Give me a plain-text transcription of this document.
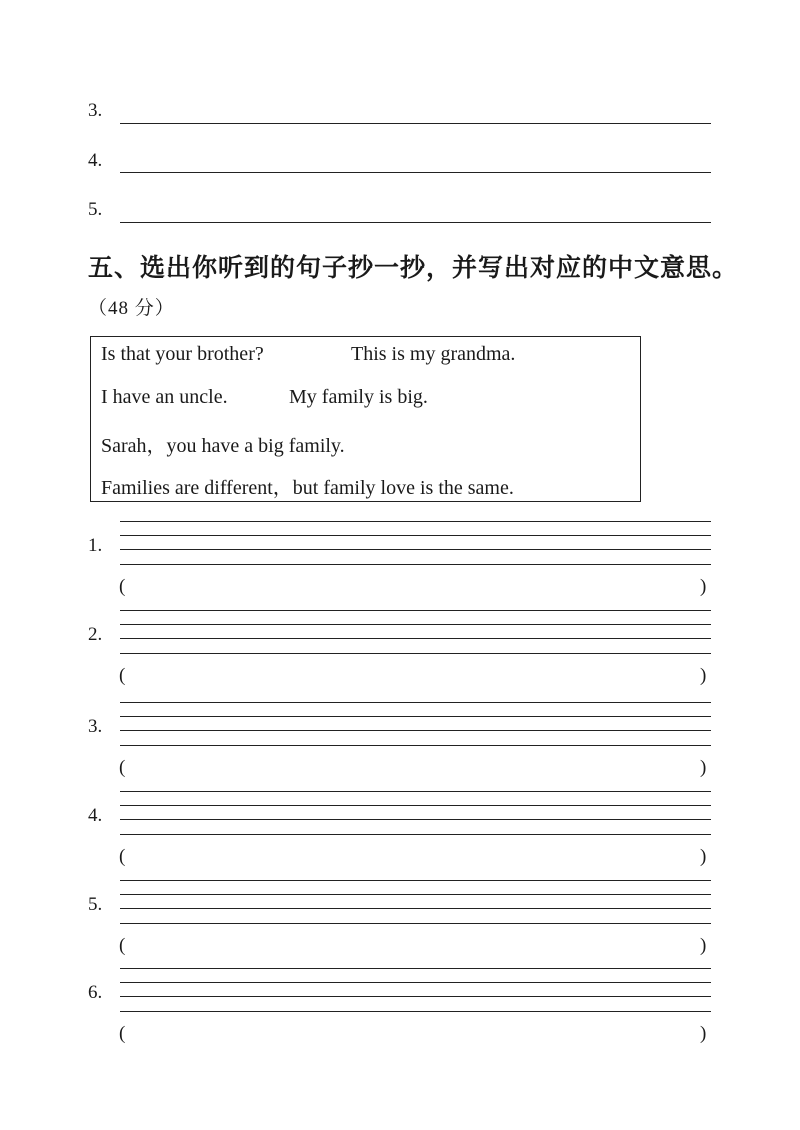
3.
4.
5.
五、选出你听到的句子抄一抄，并写出对应的中文意思。
（48 分）
Is that your brother?	This is my grandma.
I have an uncle.	My family is big.
Sarah，you have a big family.
Families are different，but family love is the same.
1.
(	)
2.
(	)
3.
(	)
4.
(	)
5.
(	)
6.
(	)
